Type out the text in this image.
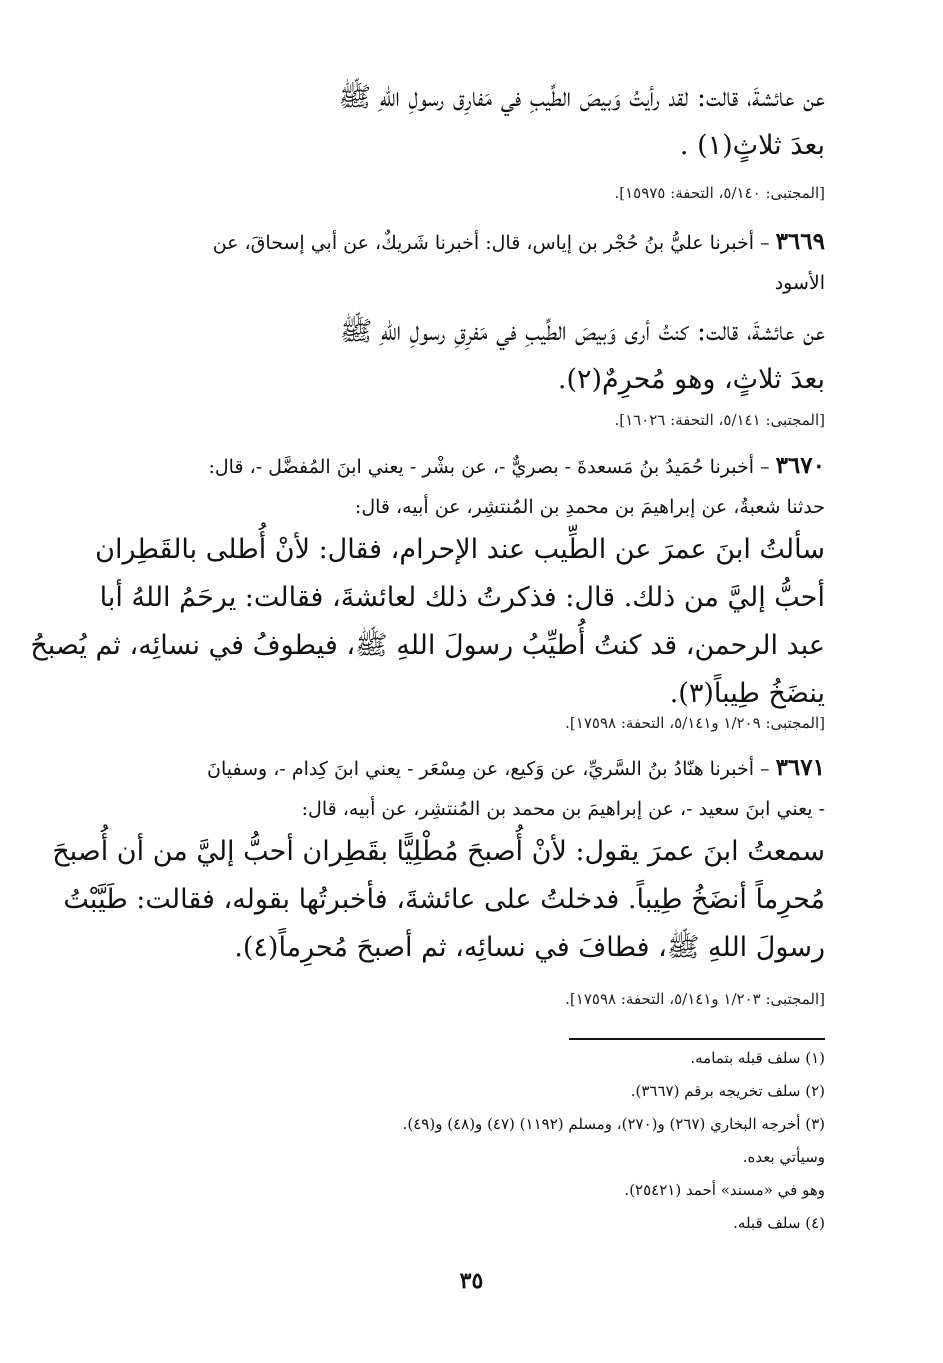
عن عائشةَ، قالت: لقد رأيتُ وَبيصَ الطِّيبِ في مَفارِق رسولِ اللهِ ﷺ
بعدَ ثلاثٍ(١) .
[المجتبى: ٥/١٤٠، التحفة: ١٥٩٧٥].
٣٦٦٩ – أخبرنا عليُّ بنُ حُجْر بن إياس، قال: أخبرنا شَريكٌ، عن أبي إسحاقَ، عن
الأسود
عن عائشةَ، قالت: كنتُ أرى وَبيصَ الطِّيبِ في مَفرِقِ رسولِ اللهِ ﷺ
بعدَ ثلاثٍ، وهو مُحرِمٌ(٢).
[المجتبى: ٥/١٤١، التحفة: ١٦٠٢٦].
٣٦٧٠ – أخبرنا حُمَيدُ بنُ مَسعدةَ - بصريٌّ -، عن بشْر - يعني ابنَ المُفضَّل -، قال:
حدثنا شعبةُ، عن إبراهيمَ بن محمدِ بن المُنتشِر، عن أبيه، قال:
سألتُ ابنَ عمرَ عن الطِّيب عند الإحرام، فقال: لأنْ أُطلى بالقَطِران
أحبُّ إليَّ من ذلك. قال: فذكرتُ ذلك لعائشةَ، فقالت: يرحَمُ اللهُ أبا
عبد الرحمن، قد كنتُ أُطيِّبُ رسولَ اللهِ ﷺ، فيطوفُ في نسائِه، ثم يُصبحُ
ينضَخُ طِيباً(٣).
[المجتبى: ١/٢٠٩ و٥/١٤١، التحفة: ١٧٥٩٨].
٣٦٧١ – أخبرنا هنّادُ بنُ السَّريِّ، عن وَكيع، عن مِسْعَر - يعني ابنَ كِدام -، وسفيانَ
- يعني ابنَ سعيد -، عن إبراهيمَ بن محمد بن المُنتشِر، عن أبيه، قال:
سمعتُ ابنَ عمرَ يقول: لأنْ أُصبحَ مُطْلِيًّا بقَطِران أحبُّ إليَّ من أن أُصبحَ
مُحرِماً أنضَخُ طِيباً. فدخلتُ على عائشةَ، فأخبرتُها بقوله، فقالت: طَيَّبْتُ
رسولَ اللهِ ﷺ، فطافَ في نسائِه، ثم أصبحَ مُحرِماً(٤).
[المجتبى: ١/٢٠٣ و٥/١٤١، التحفة: ١٧٥٩٨].
(١) سلف قبله بتمامه.
(٢) سلف تخريجه برقم (٣٦٦٧).
(٣) أخرجه البخاري (٢٦٧) و(٢٧٠)، ومسلم (١١٩٢) (٤٧) و(٤٨) و(٤٩).
وسيأتي بعده.
وهو في «مسند» أحمد (٢٥٤٢١).
(٤) سلف قبله.
٣٥
